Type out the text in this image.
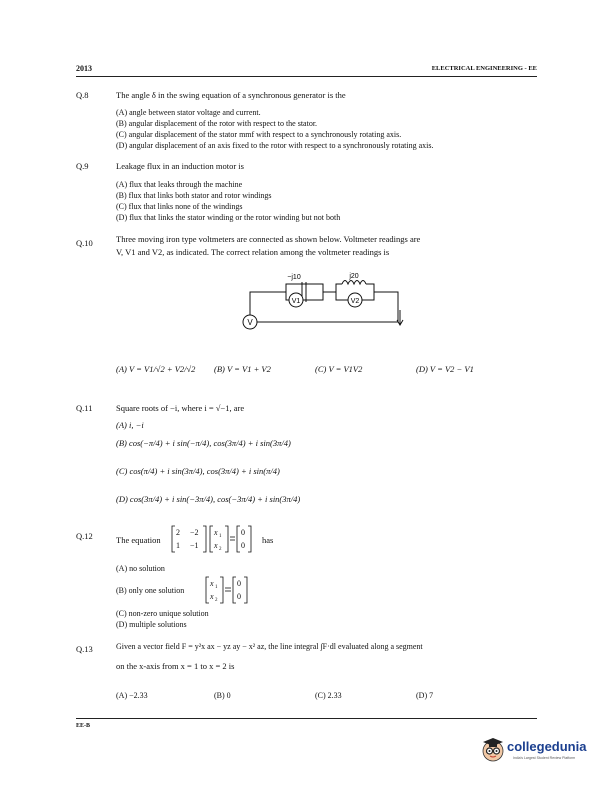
2013	ELECTRICAL ENGINEERING - EE
Q.8	The angle δ in the swing equation of a synchronous generator is the
(A) angle between stator voltage and current.
(B) angular displacement of the rotor with respect to the stator.
(C) angular displacement of the stator mmf with respect to a synchronously rotating axis.
(D) angular displacement of an axis fixed to the rotor with respect to a synchronously rotating axis.
Q.9	Leakage flux in an induction motor is
(A) flux that leaks through the machine
(B) flux that links both stator and rotor windings
(C) flux that links none of the windings
(D) flux that links the stator winding or the rotor winding but not both
Q.10	Three moving iron type voltmeters are connected as shown below. Voltmeter readings are
V, V1 and V2, as indicated. The correct relation among the voltmeter readings is
V
V1	V2
−j10	j20
(A) V = V1/√2 + V2/√2 (B) V = V1 + V2	(C) V = V1V2	(D) V = V2 − V1
Q.11	Square roots of −i, where i = √−1, are
(A) i, −i
(B) cos(−π/4) + i sin(−π/4), cos(3π/4) + i sin(3π/4)
(C) cos(π/4) + i sin(3π/4), cos(3π/4) + i sin(π/4)
(D) cos(3π/4) + i sin(−3π/4), cos(−3π/4) + i sin(3π/4)
Q.12	The equation
2 −2
1 −1
x 1
x 2
0
0
has
(A) no solution
(B) only one solution
x 1
x 2
0
0
(C) non-zero unique solution
(D) multiple solutions
Q.13	Given a vector field F = y²x ax − yz ay − x² az, the line integral ∫F·dl evaluated along a segment
on the x-axis from x = 1 to x = 2 is
(A) −2.33	(B) 0	(C) 2.33	(D) 7
EE-B
collegedunia
India's Largest Student Review Platform
